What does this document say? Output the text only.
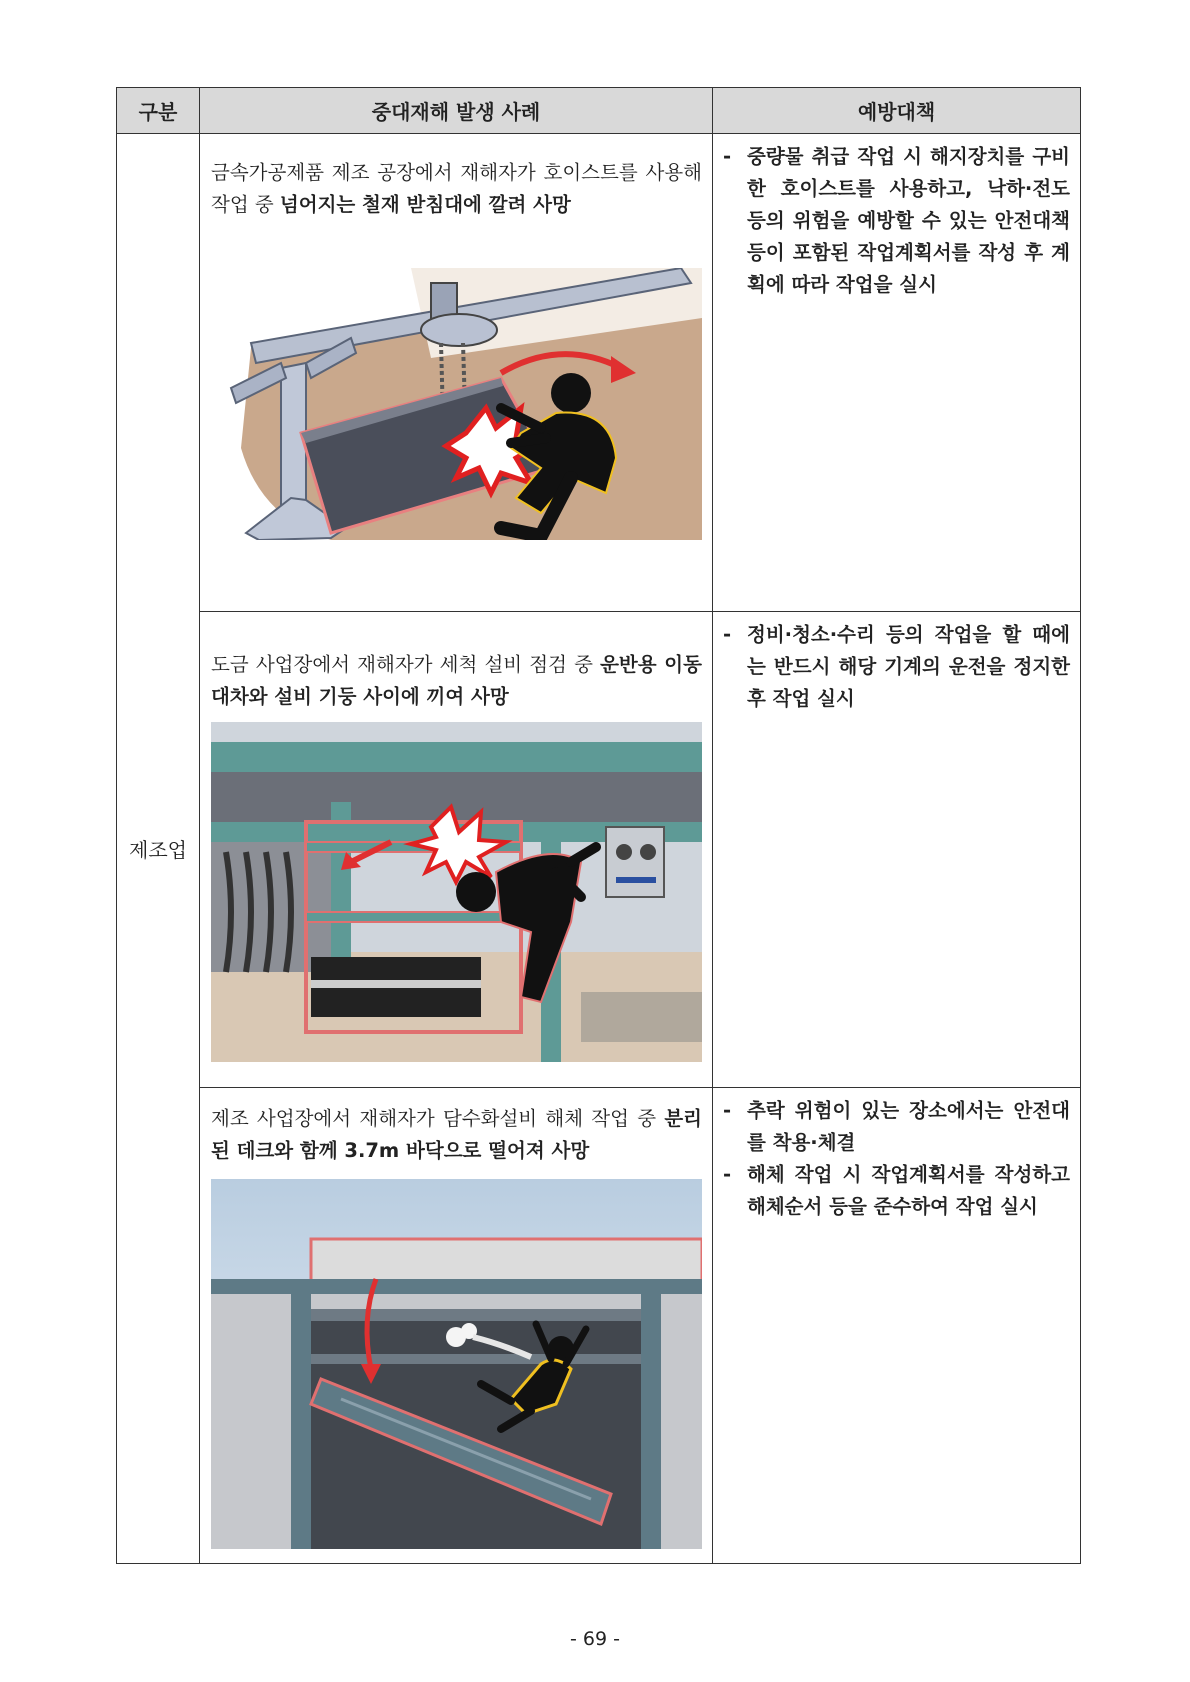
구분	중대재해 발생 사례	예방대책
제조업	금속가공제품 제조 공장에서 재해자가 호이스트를 사용해 작업 중 넘어지는 철재 받침대에 깔려 사망	- 중량물 취급 작업 시 해지장치를 구비한 호이스트를 사용하고, 낙하·전도 등의 위험을 예방할 수 있는 안전대책 등이 포함된 작업계획서를 작성 후 계획에 따라 작업을 실시

	도금 사업장에서 재해자가 세척 설비 점검 중 운반용 이동대차와 설비 기둥 사이에 끼여 사망	- 정비·청소·수리 등의 작업을 할 때에는 반드시 해당 기계의 운전을 정지한 후 작업 실시

	제조 사업장에서 재해자가 담수화설비 해체 작업 중 분리된 데크와 함께 3.7m 바닥으로 떨어져 사망	- 추락 위험이 있는 장소에서는 안전대를 착용·체결
- 해체 작업 시 작업계획서를 작성하고 해체순서 등을 준수하여 작업 실시
- 69 -
